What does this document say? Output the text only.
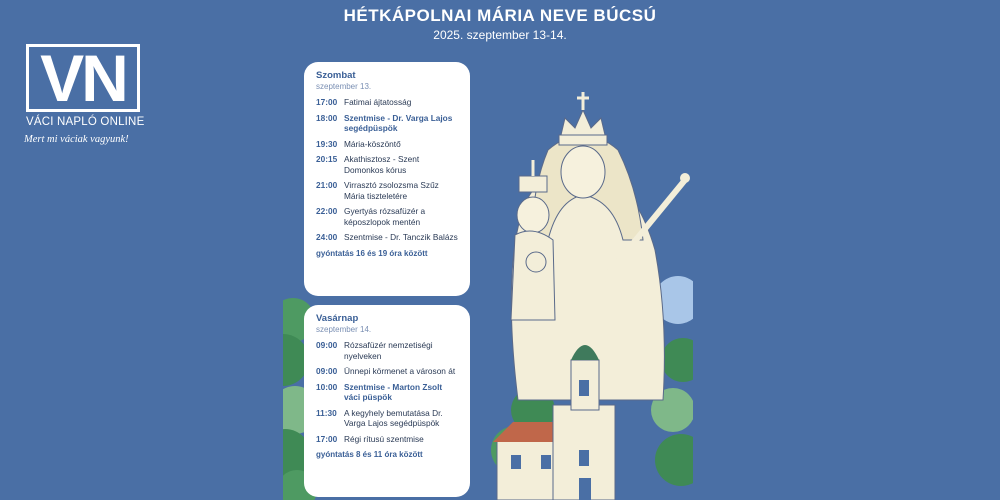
HÉTKÁPOLNAI MÁRIA NEVE BÚCSÚ
2025. szeptember 13-14.
VN
VÁCI NAPLÓ ONLINE
Mert mi váciak vagyunk!
Szombat
szeptember 13.
17:00 Fatimai ájtatosság
18:00 Szentmise - Dr. Varga Lajos segédpüspök
19:30 Mária-köszöntő
20:15 Akathisztosz - Szent Domonkos kórus
21:00 Virrasztó zsolozsma Szűz Mária tiszteletére
22:00 Gyertyás rózsafüzér a képoszlopok mentén
24:00 Szentmise - Dr. Tanczik Balázs
gyóntatás 16 és 19 óra között
Vasárnap
szeptember 14.
09:00 Rózsafüzér nemzetiségi nyelveken
09:00 Ünnepi körmenet a városon át
10:00 Szentmise - Marton Zsolt váci püspök
11:30 A kegyhely bemutatása Dr. Varga Lajos segédpüspök
17:00 Régi rítusú szentmise
gyóntatás 8 és 11 óra között
